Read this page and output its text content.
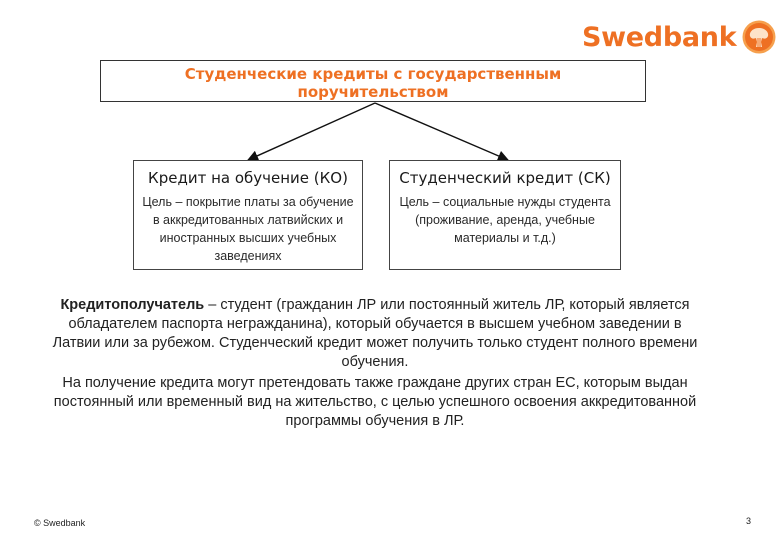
Swedbank
Студенческие кредиты с государственным
поручительством
Кредит на обучение (КО)
Цель – покрытие платы за обучение в аккредитованных латвийских и иностранных высших учебных заведениях
Студенческий кредит (СК)
Цель – социальные нужды студента (проживание, аренда, учебные материалы и т.д.)

Кредитополучатель – студент (гражданин ЛР или постоянный житель ЛР, который является обладателем паспорта негражданина), который обучается в высшем учебном заведении в Латвии или за рубежом. Студенческий кредит может получить только студент полного времени обучения.

На получение кредита могут претендовать также граждане других стран ЕС, которым выдан постоянный или временный вид на жительство, с целью успешного освоения аккредитованной программы обучения в ЛР.

© Swedbank	3
